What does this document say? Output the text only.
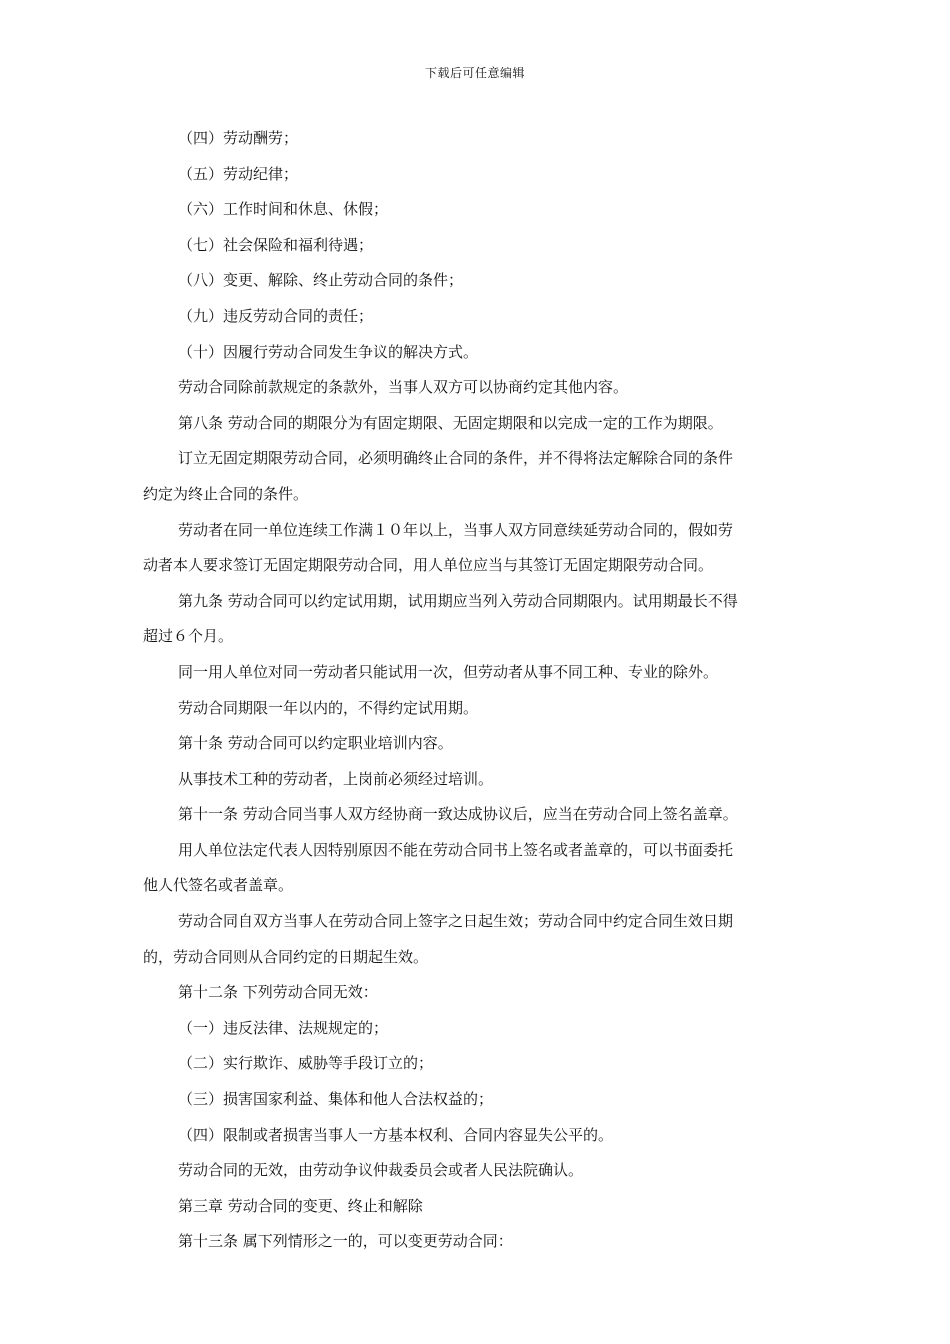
下载后可任意编辑
（四）劳动酬劳；
（五）劳动纪律；
（六）工作时间和休息、休假；
（七）社会保险和福利待遇；
（八）变更、解除、终止劳动合同的条件；
（九）违反劳动合同的责任；
（十）因履行劳动合同发生争议的解决方式。
劳动合同除前款规定的条款外，当事人双方可以协商约定其他内容。
第八条 劳动合同的期限分为有固定期限、无固定期限和以完成一定的工作为期限。
订立无固定期限劳动合同，必须明确终止合同的条件，并不得将法定解除合同的条件
约定为终止合同的条件。
劳动者在同一单位连续工作满１０年以上，当事人双方同意续延劳动合同的，假如劳
动者本人要求签订无固定期限劳动合同，用人单位应当与其签订无固定期限劳动合同。
第九条 劳动合同可以约定试用期，试用期应当列入劳动合同期限内。试用期最长不得
超过６个月。
同一用人单位对同一劳动者只能试用一次，但劳动者从事不同工种、专业的除外。
劳动合同期限一年以内的，不得约定试用期。
第十条 劳动合同可以约定职业培训内容。
从事技术工种的劳动者，上岗前必须经过培训。
第十一条 劳动合同当事人双方经协商一致达成协议后，应当在劳动合同上签名盖章。
用人单位法定代表人因特别原因不能在劳动合同书上签名或者盖章的，可以书面委托
他人代签名或者盖章。
劳动合同自双方当事人在劳动合同上签字之日起生效；劳动合同中约定合同生效日期
的，劳动合同则从合同约定的日期起生效。
第十二条 下列劳动合同无效：
（一）违反法律、法规规定的；
（二）实行欺诈、威胁等手段订立的；
（三）损害国家利益、集体和他人合法权益的；
（四）限制或者损害当事人一方基本权利、合同内容显失公平的。
劳动合同的无效，由劳动争议仲裁委员会或者人民法院确认。
第三章 劳动合同的变更、终止和解除
第十三条 属下列情形之一的，可以变更劳动合同：
